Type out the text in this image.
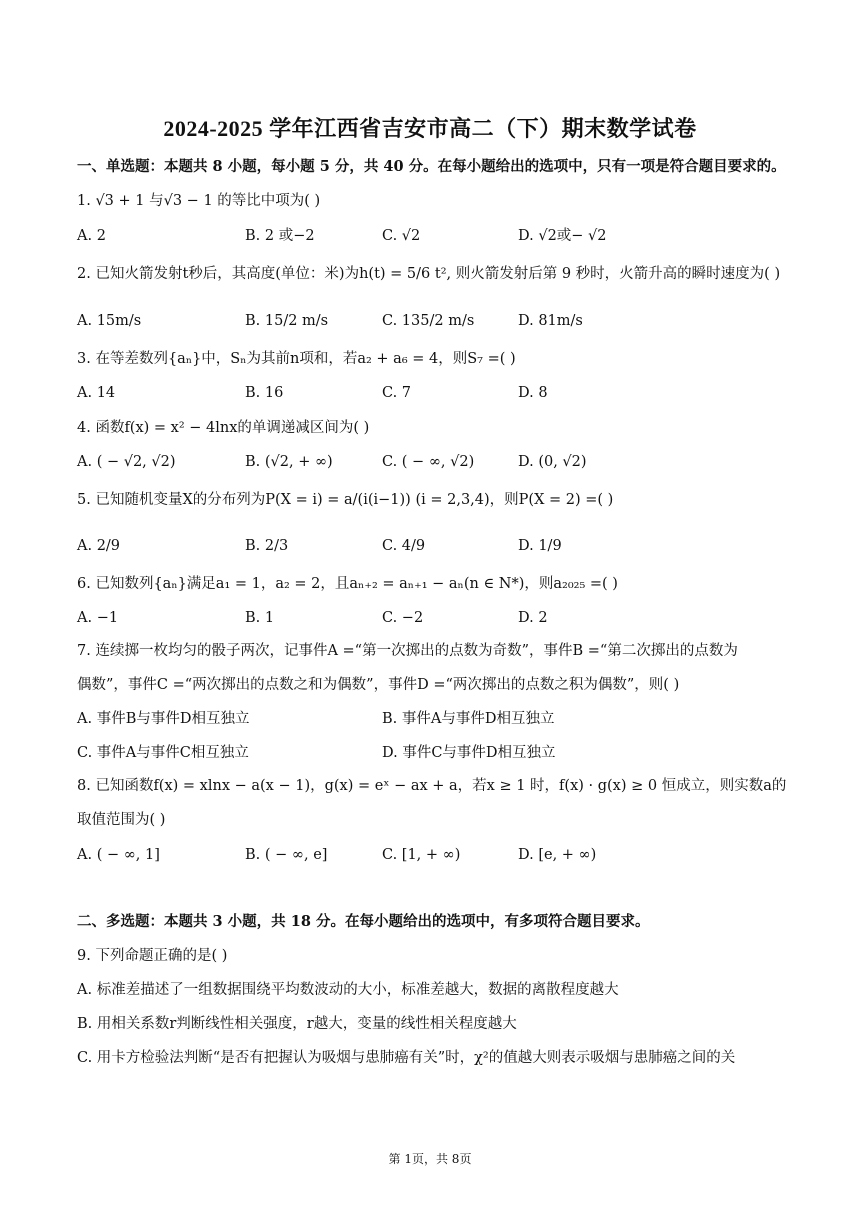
2024-2025 学年江西省吉安市高二（下）期末数学试卷
一、单选题：本题共 8 小题，每小题 5 分，共 40 分。在每小题给出的选项中，只有一项是符合题目要求的。
1. √3 + 1 与√3 − 1 的等比中项为( )
A. 2	B. 2 或−2	C. √2	D. √2或− √2
2. 已知火箭发射t秒后，其高度(单位：米)为h(t) = 5/6 t², 则火箭发射后第 9 秒时，火箭升高的瞬时速度为( )
A. 15m/s	B. 15/2 m/s	C. 135/2 m/s	D. 81m/s
3. 在等差数列{aₙ}中，Sₙ为其前n项和，若a₂ + a₆ = 4，则S₇ =( )
A. 14	B. 16	C. 7	D. 8
4. 函数f(x) = x² − 4lnx的单调递减区间为( )
A. ( − √2, √2)	B. (√2, + ∞)	C. ( − ∞, √2)	D. (0, √2)
5. 已知随机变量X的分布列为P(X = i) = a/(i(i−1)) (i = 2,3,4)，则P(X = 2) =( )
A. 2/9	B. 2/3	C. 4/9	D. 1/9
6. 已知数列{aₙ}满足a₁ = 1，a₂ = 2，且aₙ₊₂ = aₙ₊₁ − aₙ(n ∈ N*)，则a₂₀₂₅ =( )
A. −1	B. 1	C. −2	D. 2
7. 连续掷一枚均匀的骰子两次，记事件A =“第一次掷出的点数为奇数”，事件B =“第二次掷出的点数为
偶数”，事件C =“两次掷出的点数之和为偶数”，事件D =“两次掷出的点数之积为偶数”，则( )
A. 事件B与事件D相互独立	B. 事件A与事件D相互独立
C. 事件A与事件C相互独立	D. 事件C与事件D相互独立
8. 已知函数f(x) = xlnx − a(x − 1)，g(x) = eˣ − ax + a，若x ≥ 1 时，f(x) · g(x) ≥ 0 恒成立，则实数a的
取值范围为( )
A. ( − ∞, 1]	B. ( − ∞, e]	C. [1, + ∞)	D. [e, + ∞)
二、多选题：本题共 3 小题，共 18 分。在每小题给出的选项中，有多项符合题目要求。
9. 下列命题正确的是( )
A. 标准差描述了一组数据围绕平均数波动的大小，标准差越大，数据的离散程度越大
B. 用相关系数r判断线性相关强度，r越大，变量的线性相关程度越大
C. 用卡方检验法判断“是否有把握认为吸烟与患肺癌有关”时，χ²的值越大则表示吸烟与患肺癌之间的关
第 1页，共 8页
